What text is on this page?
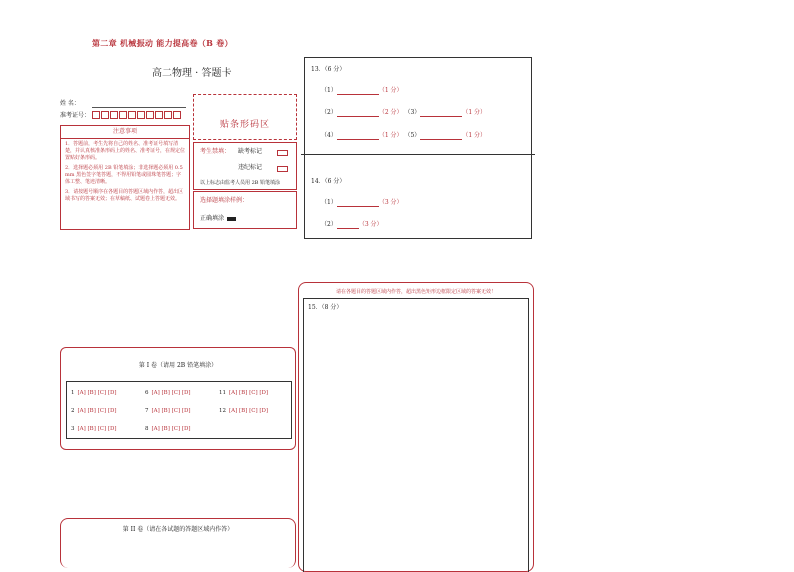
第二章 机械振动 能力提高卷（B 卷）
高二物理 · 答题卡
姓 名：
准考证号：
贴条形码区
注意事项
1．答题前，考生先将自己的姓名、准考证号填写清楚，并认真核准条形码上的姓名、准考证号，在规定位置贴好条形码。
2．选择题必须用 2B 铅笔填涂；非选择题必须用 0.5 mm 黑色签字笔答题，不得用铅笔或圆珠笔答题；字体工整、笔迹清晰。
3．请按题号顺序在各题目的答题区域内作答，超出区域书写的答案无效；在草稿纸、试题卷上答题无效。
考生禁填： 缺考标记
违纪标记
以上标志由监考人员用 2B 铅笔填涂
选择题填涂样例：
正确填涂
第 I 卷（请用 2B 铅笔填涂）
1 [A] [B] [C] [D]	6 [A] [B] [C] [D]	11 [A] [B] [C] [D]
2 [A] [B] [C] [D]	7 [A] [B] [C] [D]	12 [A] [B] [C] [D]
3 [A] [B] [C] [D]	8 [A] [B] [C] [D]
第 II 卷（请在各试题的答题区域内作答）
13．（6 分）
（1）	（1 分）
（2）	（2 分） （3）	（1 分）
（4）	（1 分） （5）	（1 分）
14．（6 分）
（1）	（3 分）
（2）	（3 分）
请在各题目的答题区域内作答，超出黑色矩形边框限定区域的答案无效！
15．（8 分）
